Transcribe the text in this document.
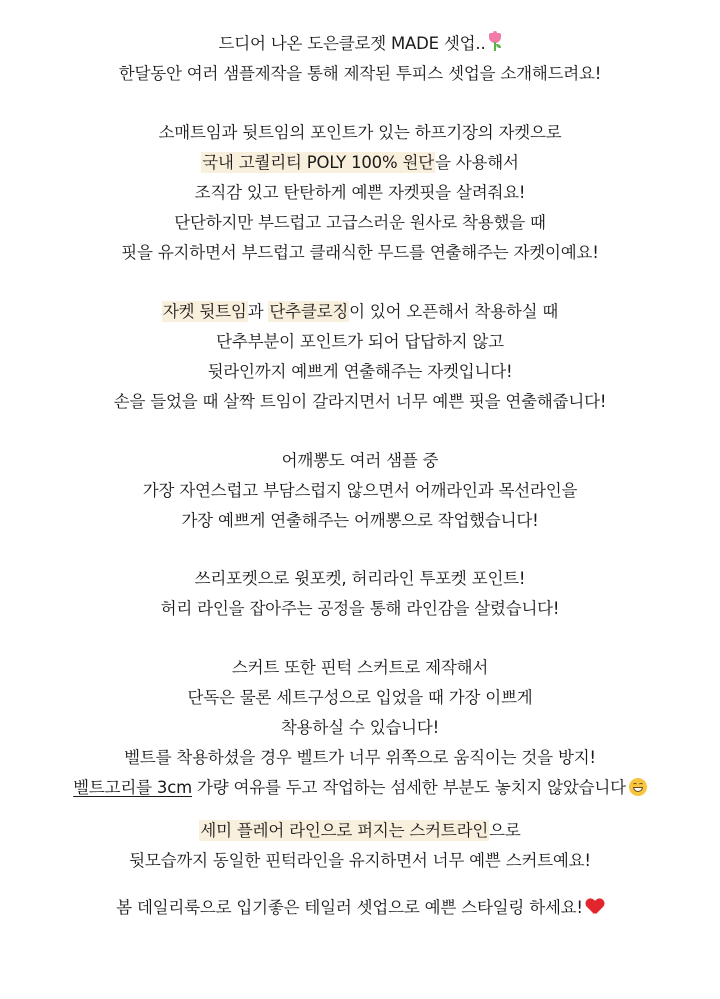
드디어 나온 도은클로젯 MADE 셋업..
한달동안 여러 샘플제작을 통해 제작된 투피스 셋업을 소개해드려요!
소매트임과 뒷트임의 포인트가 있는 하프기장의 자켓으로
국내 고퀄리티 POLY 100% 원단을 사용해서
조직감 있고 탄탄하게 예쁜 자켓핏을 살려줘요!
단단하지만 부드럽고 고급스러운 원사로 착용했을 때
핏을 유지하면서 부드럽고 클래식한 무드를 연출해주는 자켓이예요!
자켓 뒷트임과 단추클로징이 있어 오픈해서 착용하실 때
단추부분이 포인트가 되어 답답하지 않고
뒷라인까지 예쁘게 연출해주는 자켓입니다!
손을 들었을 때 살짝 트임이 갈라지면서 너무 예쁜 핏을 연출해줍니다!
어깨뽕도 여러 샘플 중
가장 자연스럽고 부담스럽지 않으면서 어깨라인과 목선라인을
가장 예쁘게 연출해주는 어깨뽕으로 작업했습니다!
쓰리포켓으로 윗포켓, 허리라인 투포켓 포인트!
허리 라인을 잡아주는 공정을 통해 라인감을 살렸습니다!
스커트 또한 핀턱 스커트로 제작해서
단독은 물론 세트구성으로 입었을 때 가장 이쁘게
착용하실 수 있습니다!
벨트를 착용하셨을 경우 벨트가 너무 위쪽으로 움직이는 것을 방지!
벨트고리를 3cm 가량 여유를 두고 작업하는 섬세한 부분도 놓치지 않았습니다
세미 플레어 라인으로 퍼지는 스커트라인으로
뒷모습까지 동일한 핀턱라인을 유지하면서 너무 예쁜 스커트예요!
봄 데일리룩으로 입기좋은 테일러 셋업으로 예쁜 스타일링 하세요!
